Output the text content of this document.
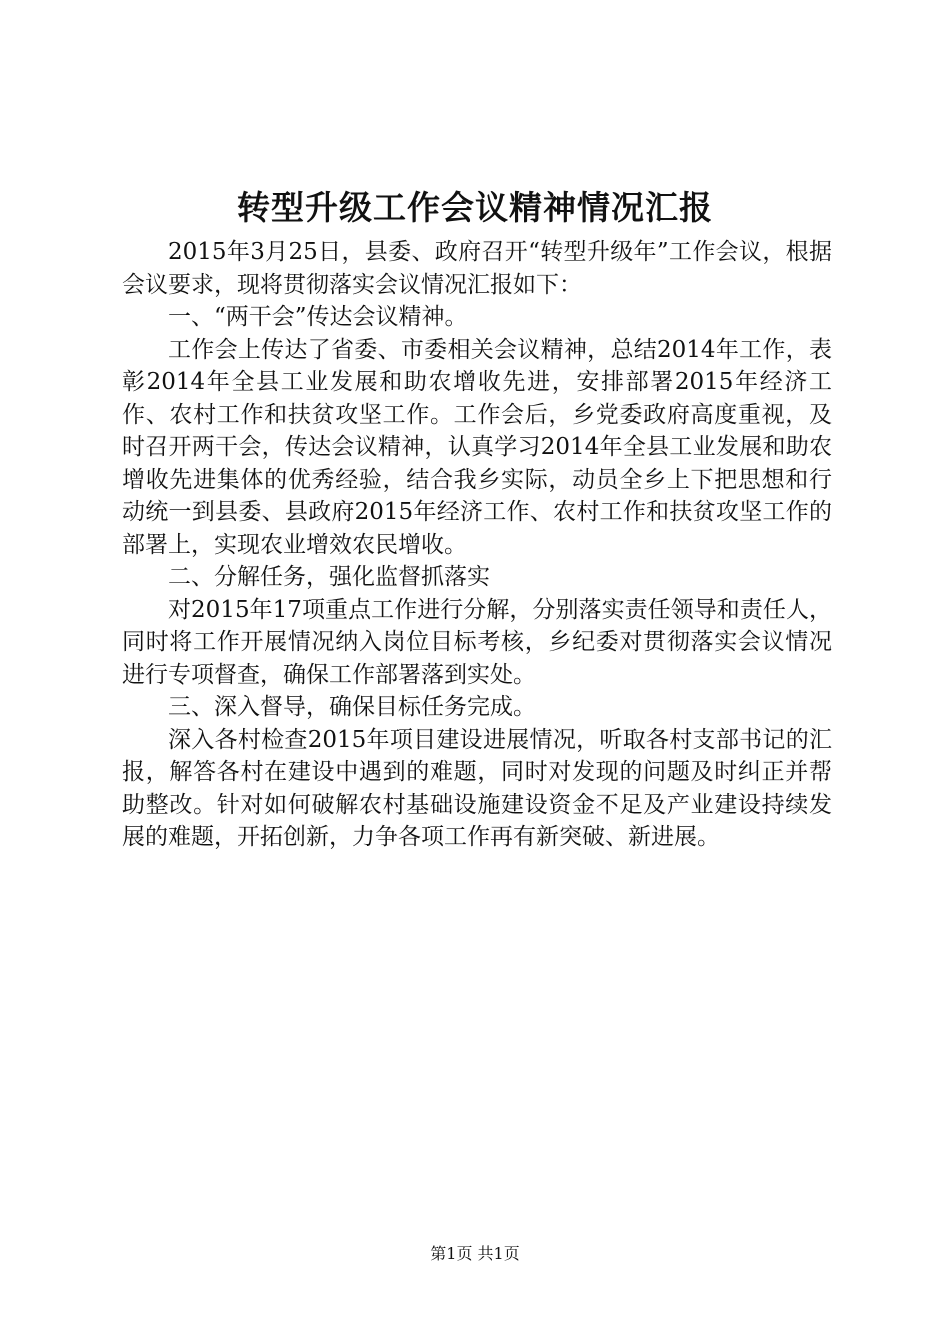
转型升级工作会议精神情况汇报

2015年3月25日，县委、政府召开“转型升级年”工作会议，根据会议要求，现将贯彻落实会议情况汇报如下：

一、“两干会”传达会议精神。

工作会上传达了省委、市委相关会议精神，总结2014年工作，表彰2014年全县工业发展和助农增收先进，安排部署2015年经济工作、农村工作和扶贫攻坚工作。工作会后，乡党委政府高度重视，及时召开两干会，传达会议精神，认真学习2014年全县工业发展和助农增收先进集体的优秀经验，结合我乡实际，动员全乡上下把思想和行动统一到县委、县政府2015年经济工作、农村工作和扶贫攻坚工作的部署上，实现农业增效农民增收。

二、分解任务，强化监督抓落实

对2015年17项重点工作进行分解，分别落实责任领导和责任人，同时将工作开展情况纳入岗位目标考核，乡纪委对贯彻落实会议情况进行专项督查，确保工作部署落到实处。

三、深入督导，确保目标任务完成。

深入各村检查2015年项目建设进展情况，听取各村支部书记的汇报，解答各村在建设中遇到的难题，同时对发现的问题及时纠正并帮助整改。针对如何破解农村基础设施建设资金不足及产业建设持续发展的难题，开拓创新，力争各项工作再有新突破、新进展。

第1页 共1页
